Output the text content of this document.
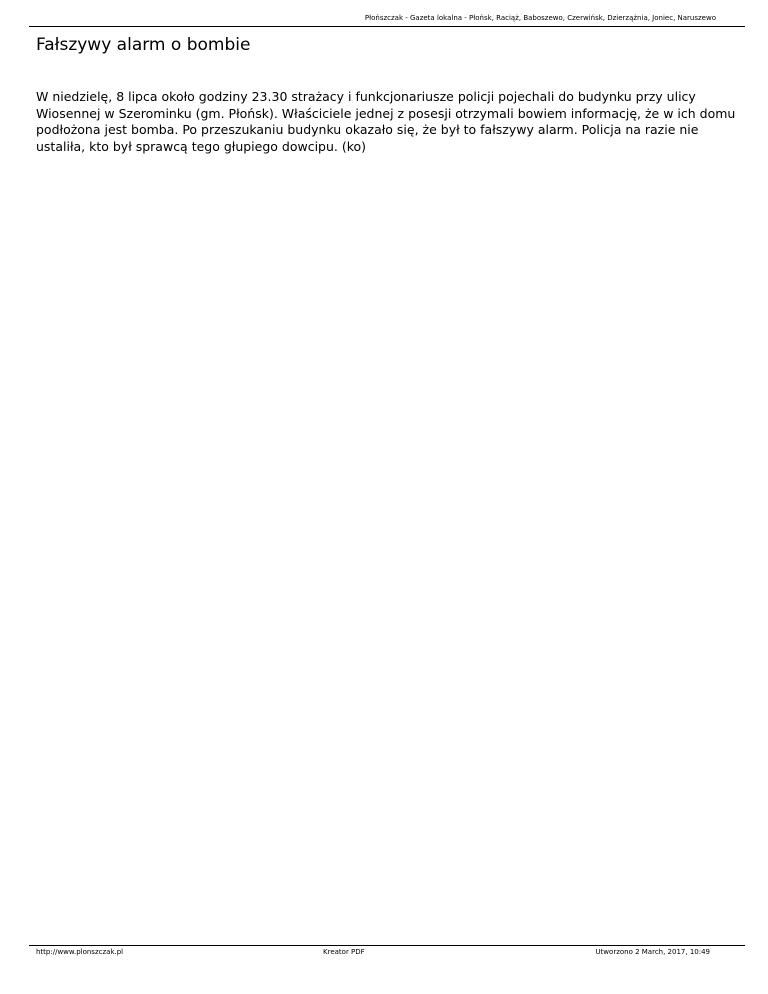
Płońszczak - Gazeta lokalna - Płońsk, Raciąż, Baboszewo, Czerwińsk, Dzierzążnia, Joniec, Naruszewo
Fałszywy alarm o bombie

W niedzielę, 8 lipca około godziny 23.30 strażacy i funkcjonariusze policji pojechali do budynku przy ulicy Wiosennej w Szerominku (gm. Płońsk). Właściciele jednej z posesji otrzymali bowiem informację, że w ich domu podłożona jest bomba. Po przeszukaniu budynku okazało się, że był to fałszywy alarm. Policja na razie nie ustaliła, kto był sprawcą tego głupiego dowcipu. (ko)

http://www.plonszczak.pl	Kreator PDF	Utworzono 2 March, 2017, 10:49
